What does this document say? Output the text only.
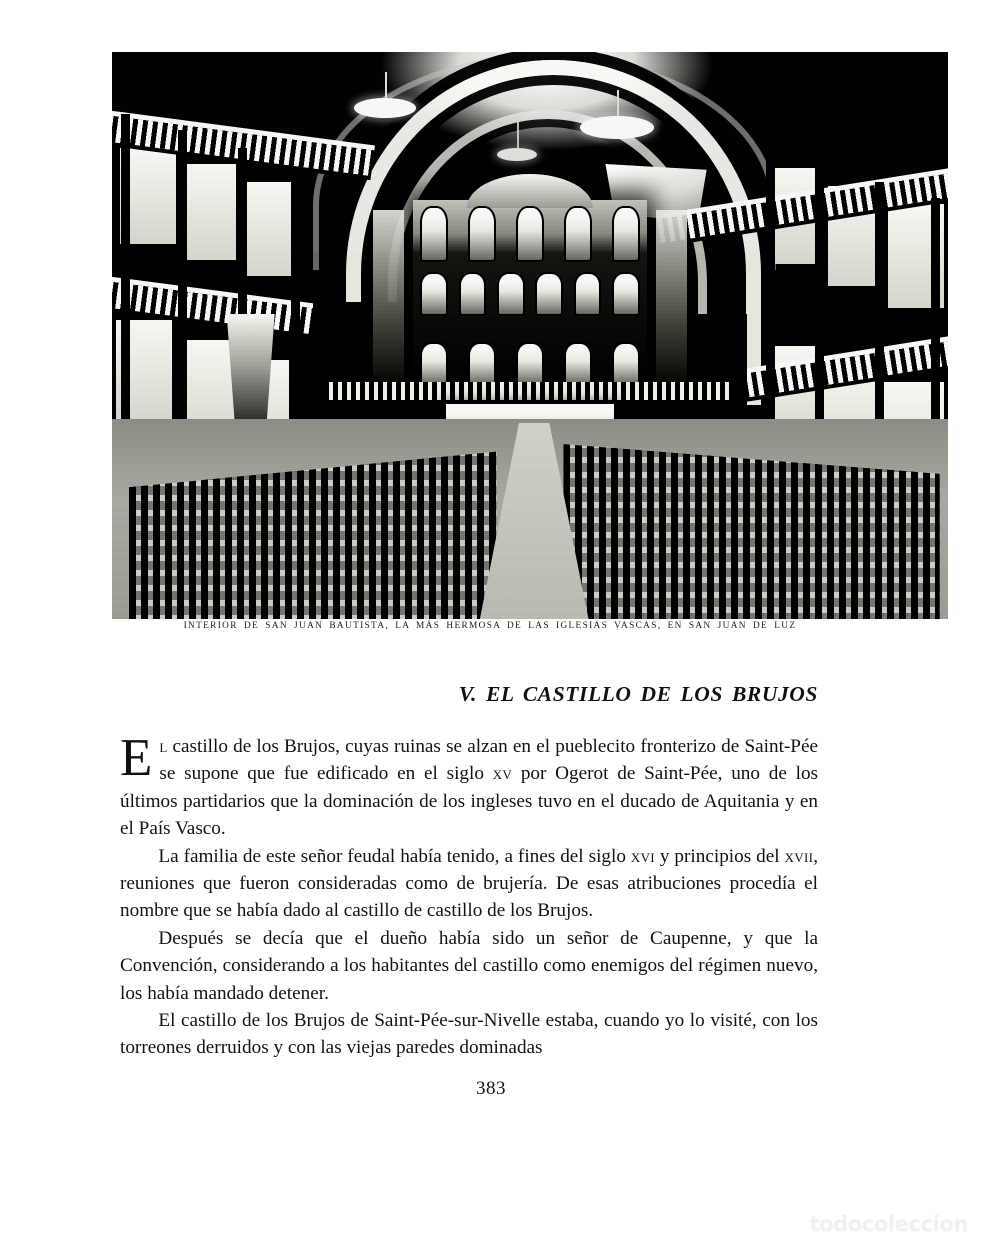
INTERIOR DE SAN JUAN BAUTISTA, LA MÁS HERMOSA DE LAS IGLESIAS VASCAS, EN SAN JUAN DE LUZ
V. EL CASTILLO DE LOS BRUJOS

E l castillo de los Brujos, cuyas ruinas se alzan en el pueblecito fronterizo de Saint-Pée se supone que fue edificado en el siglo xv por Ogerot de Saint-Pée, uno de los últimos partidarios que la dominación de los ingleses tuvo en el ducado de Aquitania y en el País Vasco.

La familia de este señor feudal había tenido, a fines del siglo xvi y principios del xvii, reuniones que fueron consideradas como de brujería. De esas atribuciones procedía el nombre que se había dado al castillo de castillo de los Brujos.

Después se decía que el dueño había sido un señor de Caupenne, y que la Convención, considerando a los habitantes del castillo como enemigos del régimen nuevo, los había mandado detener.

El castillo de los Brujos de Saint-Pée-sur-Nivelle estaba, cuando yo lo visité, con los torreones derruidos y con las viejas paredes dominadas

383
todocoleccion
